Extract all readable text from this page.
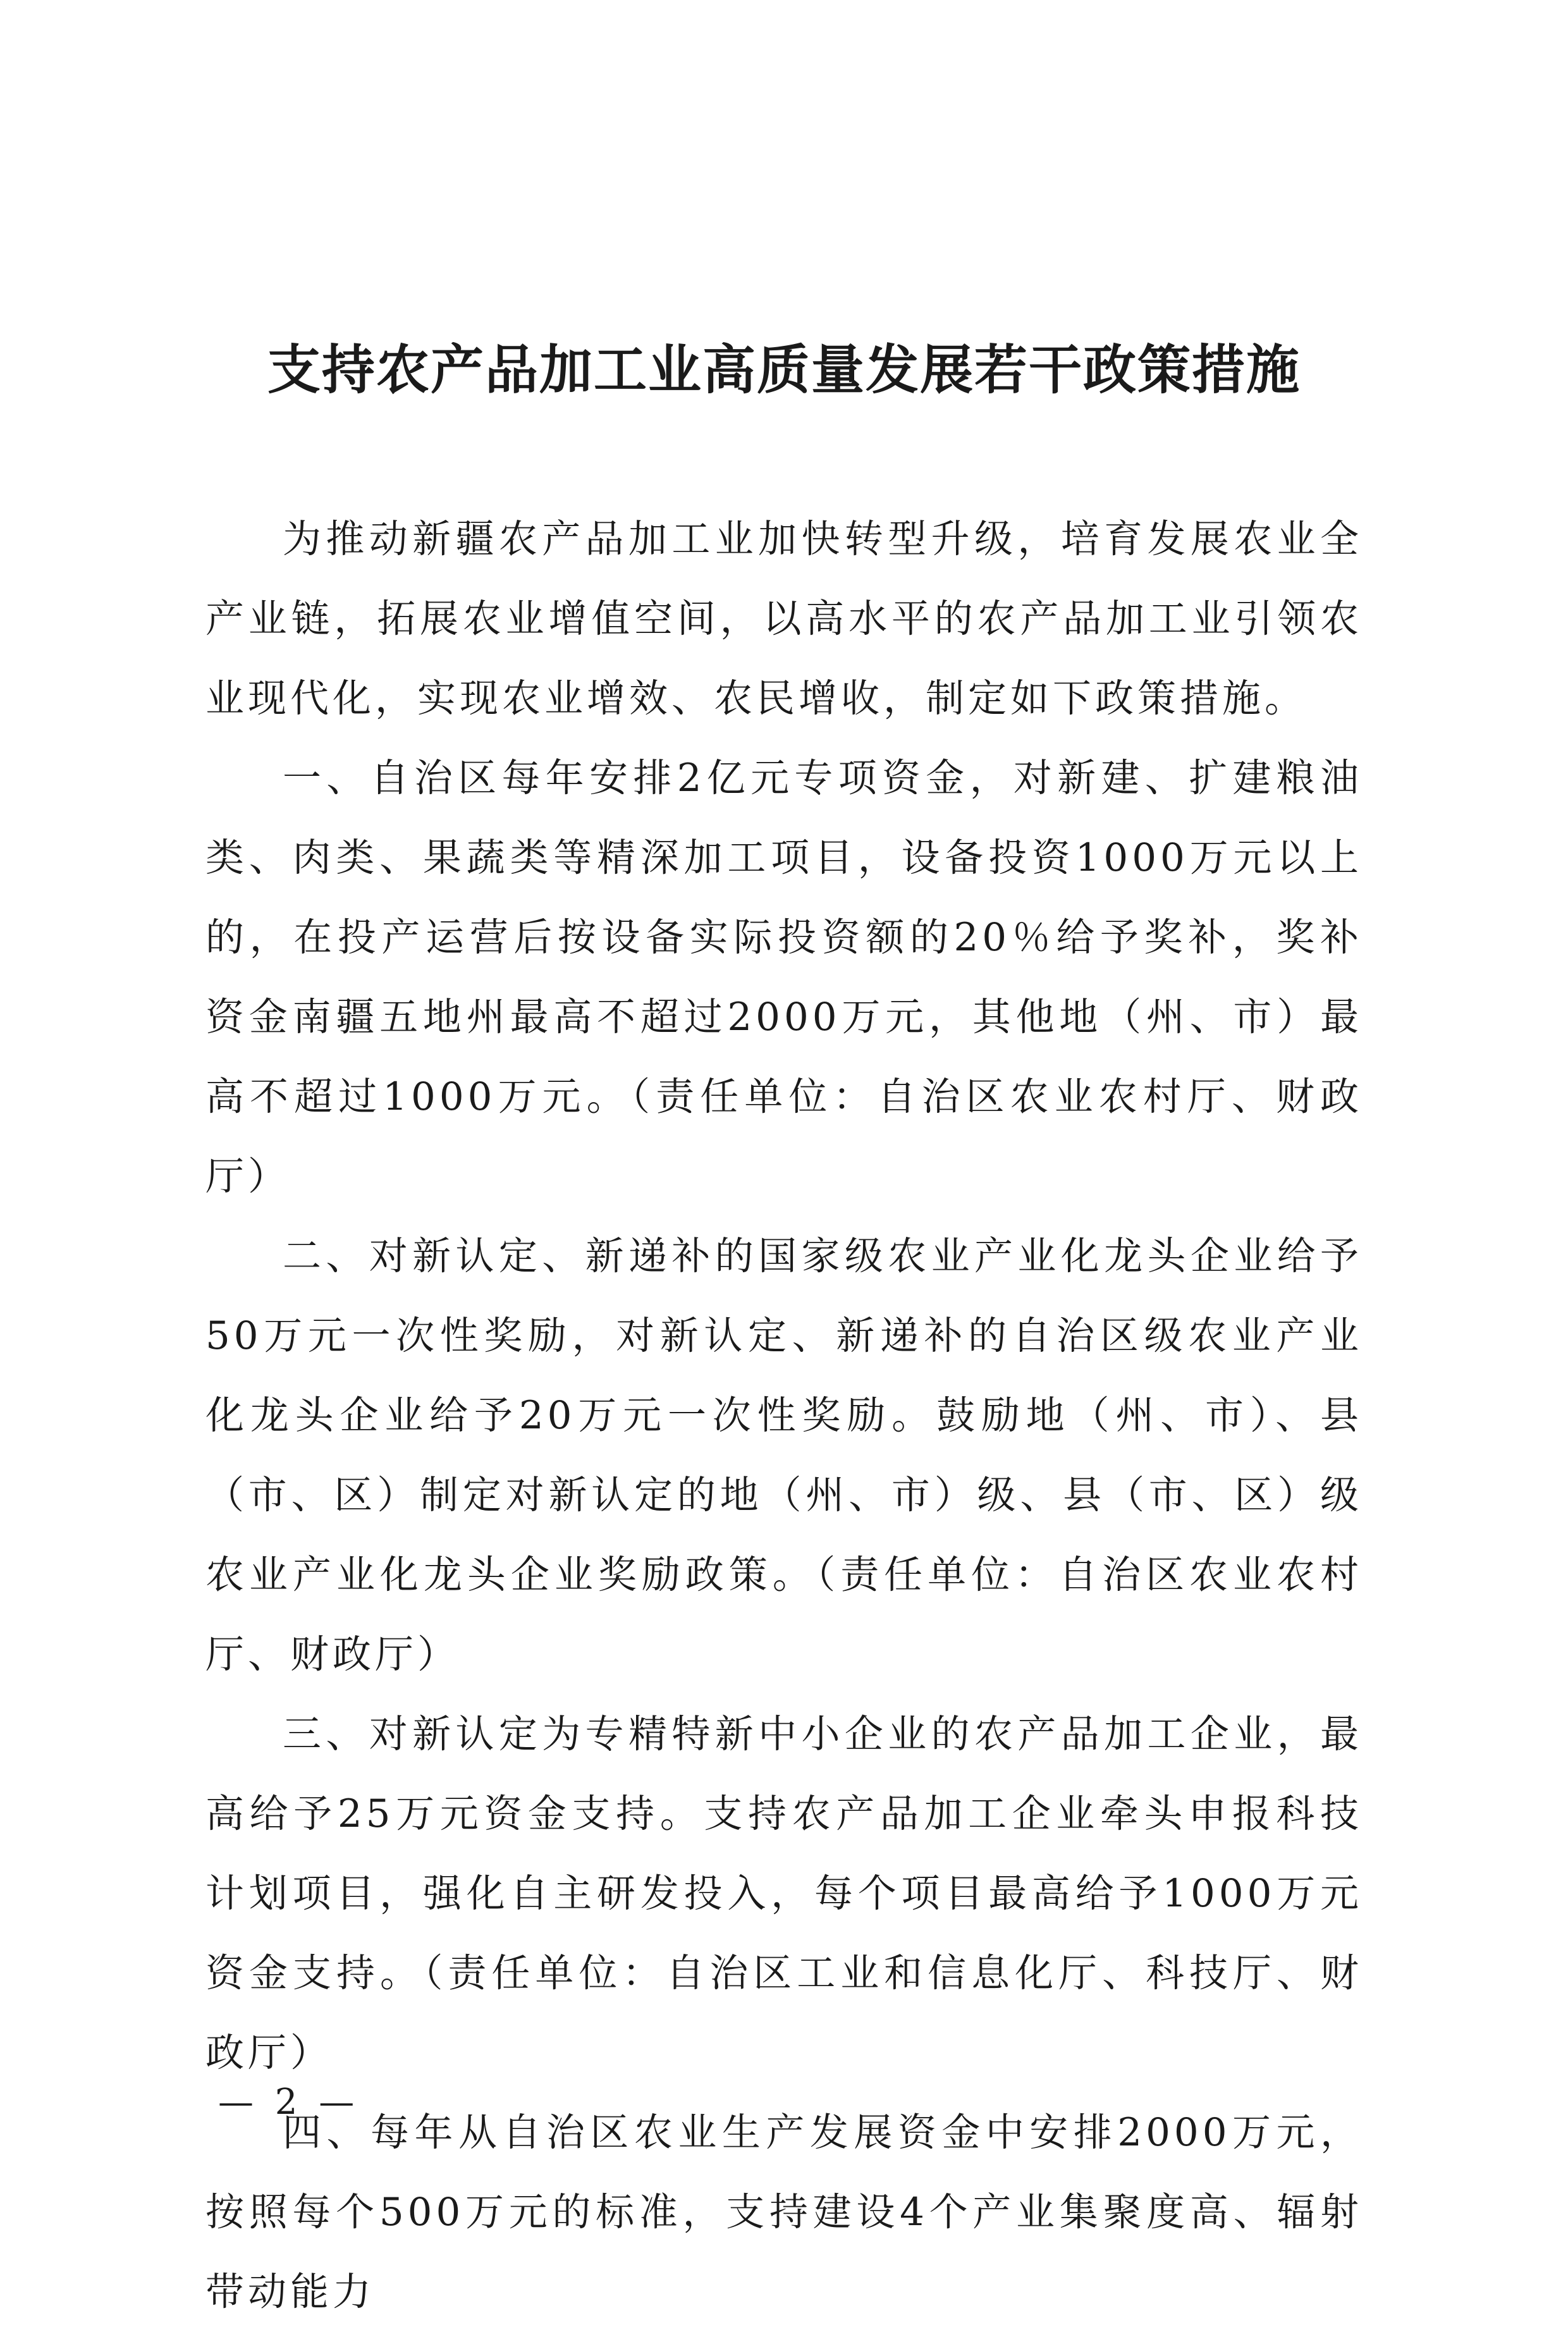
支持农产品加工业高质量发展若干政策措施

为推动新疆农产品加工业加快转型升级，培育发展农业全产业链，拓展农业增值空间，以高水平的农产品加工业引领农业现代化，实现农业增效、农民增收，制定如下政策措施。

一、自治区每年安排2亿元专项资金，对新建、扩建粮油类、肉类、果蔬类等精深加工项目，设备投资1000万元以上的，在投产运营后按设备实际投资额的20％给予奖补，奖补资金南疆五地州最高不超过2000万元，其他地（州、市）最高不超过1000万元。（责任单位：自治区农业农村厅、财政厅）

二、对新认定、新递补的国家级农业产业化龙头企业给予50万元一次性奖励，对新认定、新递补的自治区级农业产业化龙头企业给予20万元一次性奖励。鼓励地（州、市）、县（市、区）制定对新认定的地（州、市）级、县（市、区）级农业产业化龙头企业奖励政策。（责任单位：自治区农业农村厅、财政厅）

三、对新认定为专精特新中小企业的农产品加工企业，最高给予25万元资金支持。支持农产品加工企业牵头申报科技计划项目，强化自主研发投入，每个项目最高给予1000万元资金支持。（责任单位：自治区工业和信息化厅、科技厅、财政厅）

四、每年从自治区农业生产发展资金中安排2000万元，按照每个500万元的标准，支持建设4个产业集聚度高、辐射带动能力

— 2 —
